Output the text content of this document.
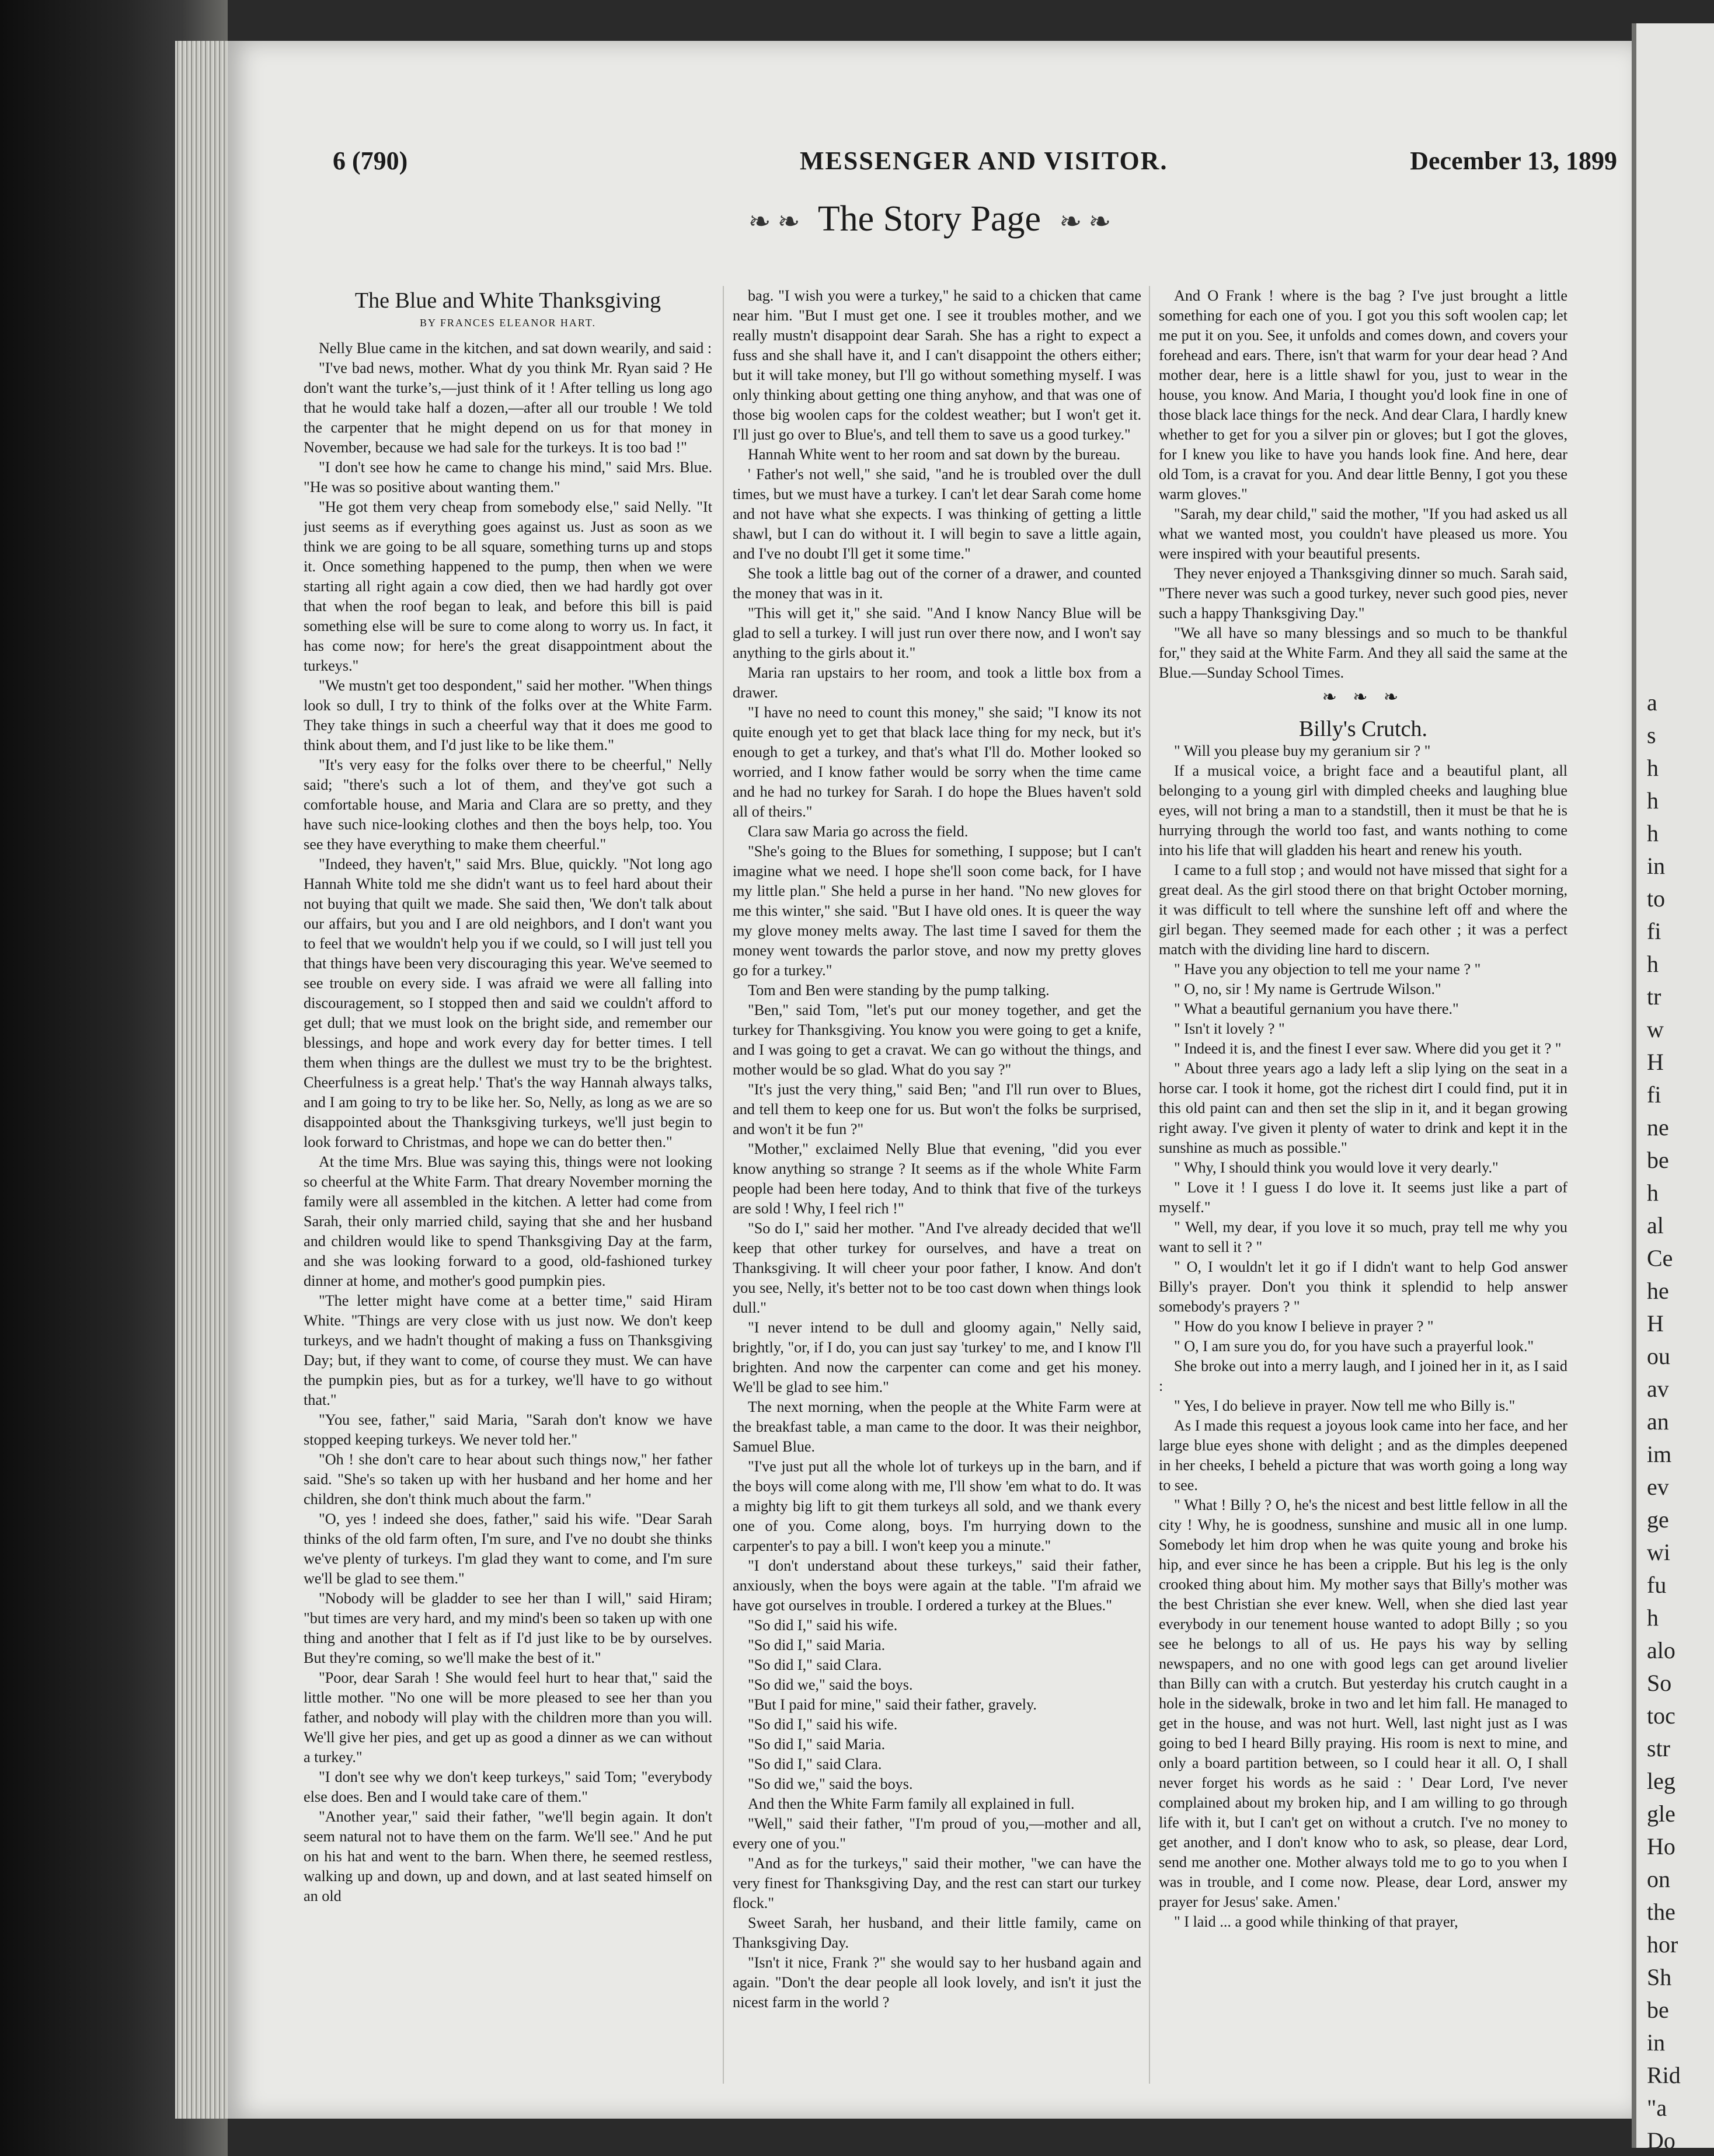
6 (790)	MESSENGER AND VISITOR.	December 13, 1899
❧ ❧ The Story Page ❧ ❧
The Blue and White Thanksgiving
BY FRANCES ELEANOR HART.

Nelly Blue came in the kitchen, and sat down wearily, and said :

"I've bad news, mother. What dy you think Mr. Ryan said ? He don't want the turke’s,—just think of it ! After telling us long ago that he would take half a dozen,—after all our trouble ! We told the carpenter that he might depend on us for that money in November, because we had sale for the turkeys. It is too bad !"

"I don't see how he came to change his mind," said Mrs. Blue. "He was so positive about wanting them."

"He got them very cheap from somebody else," said Nelly. "It just seems as if everything goes against us. Just as soon as we think we are going to be all square, something turns up and stops it. Once something happened to the pump, then when we were starting all right again a cow died, then we had hardly got over that when the roof began to leak, and before this bill is paid something else will be sure to come along to worry us. In fact, it has come now; for here's the great disappointment about the turkeys."

"We mustn't get too despondent," said her mother. "When things look so dull, I try to think of the folks over at the White Farm. They take things in such a cheerful way that it does me good to think about them, and I'd just like to be like them."

"It's very easy for the folks over there to be cheerful," Nelly said; "there's such a lot of them, and they've got such a comfortable house, and Maria and Clara are so pretty, and they have such nice-looking clothes and then the boys help, too. You see they have everything to make them cheerful."

"Indeed, they haven't," said Mrs. Blue, quickly. "Not long ago Hannah White told me she didn't want us to feel hard about their not buying that quilt we made. She said then, 'We don't talk about our affairs, but you and I are old neighbors, and I don't want you to feel that we wouldn't help you if we could, so I will just tell you that things have been very discouraging this year. We've seemed to see trouble on every side. I was afraid we were all falling into discouragement, so I stopped then and said we couldn't afford to get dull; that we must look on the bright side, and remember our blessings, and hope and work every day for better times. I tell them when things are the dullest we must try to be the brightest. Cheerfulness is a great help.' That's the way Hannah always talks, and I am going to try to be like her. So, Nelly, as long as we are so disappointed about the Thanksgiving turkeys, we'll just begin to look forward to Christmas, and hope we can do better then."

At the time Mrs. Blue was saying this, things were not looking so cheerful at the White Farm. That dreary November morning the family were all assembled in the kitchen. A letter had come from Sarah, their only married child, saying that she and her husband and children would like to spend Thanksgiving Day at the farm, and she was looking forward to a good, old-fashioned turkey dinner at home, and mother's good pumpkin pies.

"The letter might have come at a better time," said Hiram White. "Things are very close with us just now. We don't keep turkeys, and we hadn't thought of making a fuss on Thanksgiving Day; but, if they want to come, of course they must. We can have the pumpkin pies, but as for a turkey, we'll have to go without that."

"You see, father," said Maria, "Sarah don't know we have stopped keeping turkeys. We never told her."

"Oh ! she don't care to hear about such things now," her father said. "She's so taken up with her husband and her home and her children, she don't think much about the farm."

"O, yes ! indeed she does, father," said his wife. "Dear Sarah thinks of the old farm often, I'm sure, and I've no doubt she thinks we've plenty of turkeys. I'm glad they want to come, and I'm sure we'll be glad to see them."

"Nobody will be gladder to see her than I will," said Hiram; "but times are very hard, and my mind's been so taken up with one thing and another that I felt as if I'd just like to be by ourselves. But they're coming, so we'll make the best of it."

"Poor, dear Sarah ! She would feel hurt to hear that," said the little mother. "No one will be more pleased to see her than you father, and nobody will play with the children more than you will. We'll give her pies, and get up as good a dinner as we can without a turkey."

"I don't see why we don't keep turkeys," said Tom; "everybody else does. Ben and I would take care of them."

"Another year," said their father, "we'll begin again. It don't seem natural not to have them on the farm. We'll see." And he put on his hat and went to the barn. When there, he seemed restless, walking up and down, up and down, and at last seated himself on an old

bag. "I wish you were a turkey," he said to a chicken that came near him. "But I must get one. I see it troubles mother, and we really mustn't disappoint dear Sarah. She has a right to expect a fuss and she shall have it, and I can't disappoint the others either; but it will take money, but I'll go without something myself. I was only thinking about getting one thing anyhow, and that was one of those big woolen caps for the coldest weather; but I won't get it. I'll just go over to Blue's, and tell them to save us a good turkey."

Hannah White went to her room and sat down by the bureau.

' Father's not well," she said, "and he is troubled over the dull times, but we must have a turkey. I can't let dear Sarah come home and not have what she expects. I was thinking of getting a little shawl, but I can do without it. I will begin to save a little again, and I've no doubt I'll get it some time."

She took a little bag out of the corner of a drawer, and counted the money that was in it.

"This will get it," she said. "And I know Nancy Blue will be glad to sell a turkey. I will just run over there now, and I won't say anything to the girls about it."

Maria ran upstairs to her room, and took a little box from a drawer.

"I have no need to count this money," she said; "I know its not quite enough yet to get that black lace thing for my neck, but it's enough to get a turkey, and that's what I'll do. Mother looked so worried, and I know father would be sorry when the time came and he had no turkey for Sarah. I do hope the Blues haven't sold all of theirs."

Clara saw Maria go across the field.

"She's going to the Blues for something, I suppose; but I can't imagine what we need. I hope she'll soon come back, for I have my little plan." She held a purse in her hand. "No new gloves for me this winter," she said. "But I have old ones. It is queer the way my glove money melts away. The last time I saved for them the money went towards the parlor stove, and now my pretty gloves go for a turkey."

Tom and Ben were standing by the pump talking.

"Ben," said Tom, "let's put our money together, and get the turkey for Thanksgiving. You know you were going to get a knife, and I was going to get a cravat. We can go without the things, and mother would be so glad. What do you say ?"

"It's just the very thing," said Ben; "and I'll run over to Blues, and tell them to keep one for us. But won't the folks be surprised, and won't it be fun ?"

"Mother," exclaimed Nelly Blue that evening, "did you ever know anything so strange ? It seems as if the whole White Farm people had been here today, And to think that five of the turkeys are sold ! Why, I feel rich !"

"So do I," said her mother. "And I've already decided that we'll keep that other turkey for ourselves, and have a treat on Thanksgiving. It will cheer your poor father, I know. And don't you see, Nelly, it's better not to be too cast down when things look dull."

"I never intend to be dull and gloomy again," Nelly said, brightly, "or, if I do, you can just say 'turkey' to me, and I know I'll brighten. And now the carpenter can come and get his money. We'll be glad to see him."

The next morning, when the people at the White Farm were at the breakfast table, a man came to the door. It was their neighbor, Samuel Blue.

"I've just put all the whole lot of turkeys up in the barn, and if the boys will come along with me, I'll show 'em what to do. It was a mighty big lift to git them turkeys all sold, and we thank every one of you. Come along, boys. I'm hurrying down to the carpenter's to pay a bill. I won't keep you a minute."

"I don't understand about these turkeys," said their father, anxiously, when the boys were again at the table. "I'm afraid we have got ourselves in trouble. I ordered a turkey at the Blues."

"So did I," said his wife.

"So did I," said Maria.

"So did I," said Clara.

"So did we," said the boys.

"But I paid for mine," said their father, gravely.

"So did I," said his wife.

"So did I," said Maria.

"So did I," said Clara.

"So did we," said the boys.

And then the White Farm family all explained in full.

"Well," said their father, "I'm proud of you,—mother and all, every one of you."

"And as for the turkeys," said their mother, "we can have the very finest for Thanksgiving Day, and the rest can start our turkey flock."

Sweet Sarah, her husband, and their little family, came on Thanksgiving Day.

"Isn't it nice, Frank ?" she would say to her husband again and again. "Don't the dear people all look lovely, and isn't it just the nicest farm in the world ?

And O Frank ! where is the bag ? I've just brought a little something for each one of you. I got you this soft woolen cap; let me put it on you. See, it unfolds and comes down, and covers your forehead and ears. There, isn't that warm for your dear head ? And mother dear, here is a little shawl for you, just to wear in the house, you know. And Maria, I thought you'd look fine in one of those black lace things for the neck. And dear Clara, I hardly knew whether to get for you a silver pin or gloves; but I got the gloves, for I knew you like to have you hands look fine. And here, dear old Tom, is a cravat for you. And dear little Benny, I got you these warm gloves."

"Sarah, my dear child," said the mother, "If you had asked us all what we wanted most, you couldn't have pleased us more. You were inspired with your beautiful presents.

They never enjoyed a Thanksgiving dinner so much. Sarah said, "There never was such a good turkey, never such good pies, never such a happy Thanksgiving Day."

"We all have so many blessings and so much to be thankful for," they said at the White Farm. And they all said the same at the Blue.—Sunday School Times.

❧ ❧ ❧
Billy's Crutch.

" Will you please buy my geranium sir ? "

If a musical voice, a bright face and a beautiful plant, all belonging to a young girl with dimpled cheeks and laughing blue eyes, will not bring a man to a standstill, then it must be that he is hurrying through the world too fast, and wants nothing to come into his life that will gladden his heart and renew his youth.

I came to a full stop ; and would not have missed that sight for a great deal. As the girl stood there on that bright October morning, it was difficult to tell where the sunshine left off and where the girl began. They seemed made for each other ; it was a perfect match with the dividing line hard to discern.

" Have you any objection to tell me your name ? "

" O, no, sir ! My name is Gertrude Wilson."

" What a beautiful gernanium you have there."

" Isn't it lovely ? "

" Indeed it is, and the finest I ever saw. Where did you get it ? "

" About three years ago a lady left a slip lying on the seat in a horse car. I took it home, got the richest dirt I could find, put it in this old paint can and then set the slip in it, and it began growing right away. I've given it plenty of water to drink and kept it in the sunshine as much as possible."

" Why, I should think you would love it very dearly."

" Love it ! I guess I do love it. It seems just like a part of myself."

" Well, my dear, if you love it so much, pray tell me why you want to sell it ? "

" O, I wouldn't let it go if I didn't want to help God answer Billy's prayer. Don't you think it splendid to help answer somebody's prayers ? "

" How do you know I believe in prayer ? "

" O, I am sure you do, for you have such a prayerful look."

She broke out into a merry laugh, and I joined her in it, as I said :

" Yes, I do believe in prayer. Now tell me who Billy is."

As I made this request a joyous look came into her face, and her large blue eyes shone with delight ; and as the dimples deepened in her cheeks, I beheld a picture that was worth going a long way to see.

" What ! Billy ? O, he's the nicest and best little fellow in all the city ! Why, he is goodness, sunshine and music all in one lump. Somebody let him drop when he was quite young and broke his hip, and ever since he has been a cripple. But his leg is the only crooked thing about him. My mother says that Billy's mother was the best Christian she ever knew. Well, when she died last year everybody in our tenement house wanted to adopt Billy ; so you see he belongs to all of us. He pays his way by selling newspapers, and no one with good legs can get around livelier than Billy can with a crutch. But yesterday his crutch caught in a hole in the sidewalk, broke in two and let him fall. He managed to get in the house, and was not hurt. Well, last night just as I was going to bed I heard Billy praying. His room is next to mine, and only a board partition between, so I could hear it all. O, I shall never forget his words as he said : ' Dear Lord, I've never complained about my broken hip, and I am willing to go through life with it, but I can't get on without a crutch. I've no money to get another, and I don't know who to ask, so please, dear Lord, send me another one. Mother always told me to go to you when I was in trouble, and I come now. Please, dear Lord, answer my prayer for Jesus' sake. Amen.'

" I laid ... a good while thinking of that prayer,

a
s
h
h
h
in
to
fi
h
tr
w
H
fi
ne
be
h
al
Ce
he
H
ou
av
an
im
ev
ge
wi
fu
h
alo
So
toc
str
leg
gle
Ho
on
the
hor
Sh
be
in
Rid
"a
Do
